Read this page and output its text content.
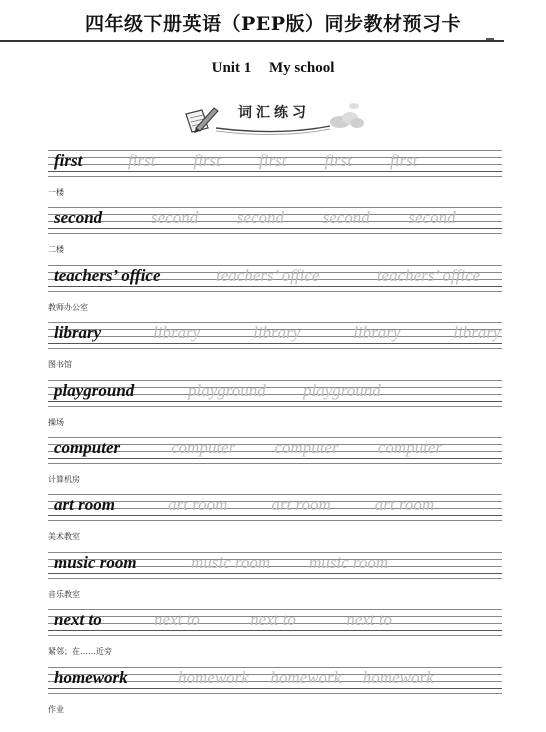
四年级下册英语（PEP版）同步教材预习卡
Unit 1 My school
词汇练习
first	first first first first first
一楼
second	second second second second
二楼
teachers’ office	teachers’ office	teachers’ office
教师办公室
library	library	library	library	library
图书馆
playground	playground playground
操场
computer	computer computer computer
计算机房
art room	art room	art room	art room
美术教室
music room	music room music room
音乐教室
next to	next to	next to	next to
紧邻；在……近旁
homework	homework homework homework
作业
